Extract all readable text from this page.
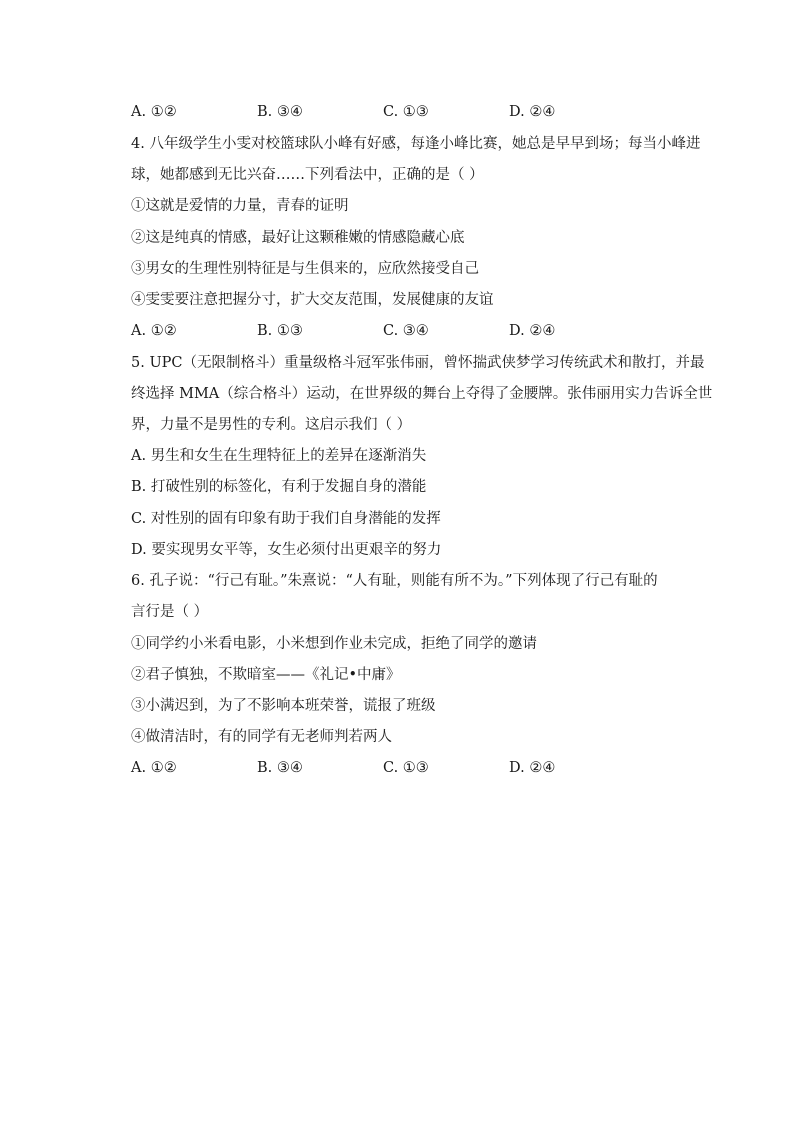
A. ①②	B. ③④	C. ①③	D. ②④
4. 八年级学生小雯对校篮球队小峰有好感，每逢小峰比赛，她总是早早到场；每当小峰进
球，她都感到无比兴奋……下列看法中，正确的是（ ）
①这就是爱情的力量，青春的证明
②这是纯真的情感，最好让这颗稚嫩的情感隐藏心底
③男女的生理性别特征是与生俱来的，应欣然接受自己
④雯雯要注意把握分寸，扩大交友范围，发展健康的友谊
A. ①②	B. ①③	C. ③④	D. ②④
5. UPC（无限制格斗）重量级格斗冠军张伟丽，曾怀揣武侠梦学习传统武术和散打，并最
终选择 MMA（综合格斗）运动，在世界级的舞台上夺得了金腰牌。张伟丽用实力告诉全世
界，力量不是男性的专利。这启示我们（ ）
A. 男生和女生在生理特征上的差异在逐渐消失
B. 打破性别的标签化，有利于发掘自身的潜能
C. 对性别的固有印象有助于我们自身潜能的发挥
D. 要实现男女平等，女生必须付出更艰辛的努力
6. 孔子说：“行己有耻。”朱熹说：“人有耻，则能有所不为。”下列体现了行己有耻的
言行是（ ）
①同学约小米看电影，小米想到作业未完成，拒绝了同学的邀请
②君子慎独，不欺暗室——《礼记•中庸》
③小满迟到，为了不影响本班荣誉，谎报了班级
④做清洁时，有的同学有无老师判若两人
A. ①②	B. ③④	C. ①③	D. ②④
